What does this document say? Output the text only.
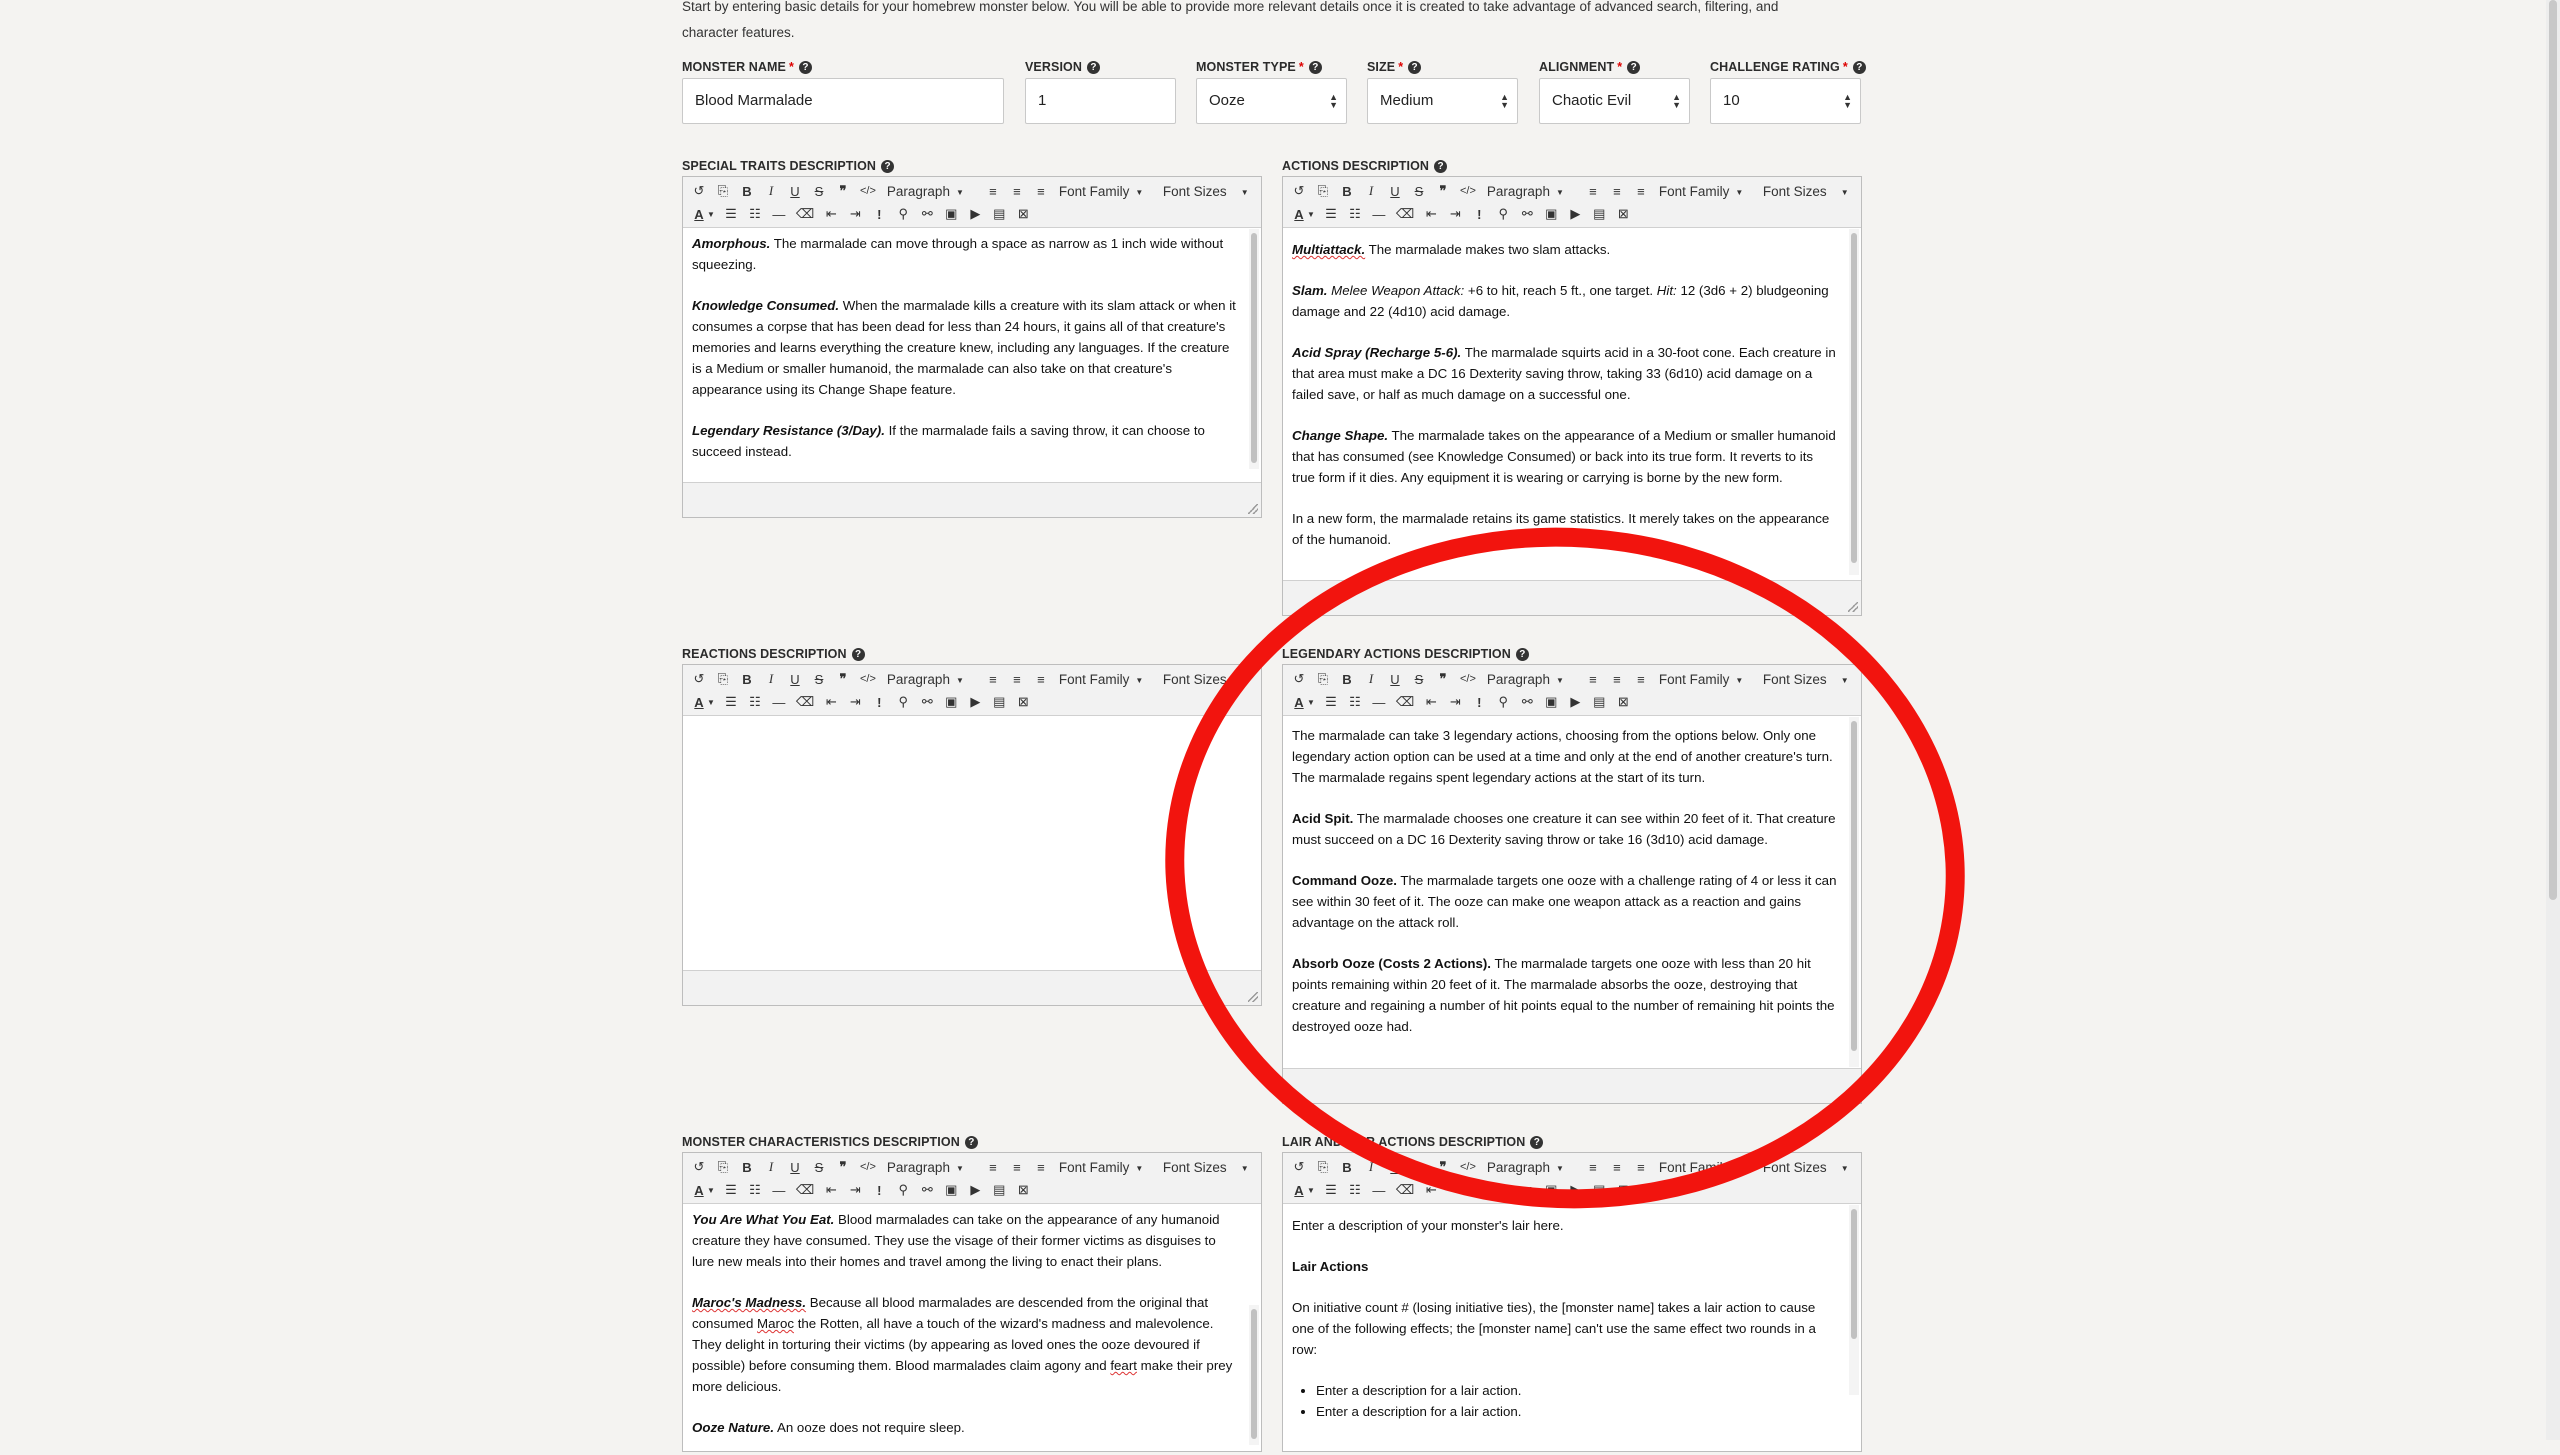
Start by entering basic details for your homebrew monster below. You will be able to provide more relevant details once it is created to take advantage of advanced search, filtering, and
character features.
MONSTER NAME * ?
Blood Marmalade
VERSION ?
1
MONSTER TYPE * ?
Ooze	▲
▼
SIZE * ?
Medium	▲
▼
ALIGNMENT * ?
Chaotic Evil	▲
▼
CHALLENGE RATING * ?
10	▲
▼
SPECIAL TRAITS DESCRIPTION ?
↺ ⎘ B	I	U S ❞	</> Paragraph ▼	≡ ≡ ≡ Font Family ▼	Font Sizes ▼
A ▼ ☰ ☷ — ⌫ ⇤ ⇥	!	⚲ ⚯ ▣ ▶ ▤ ⊠

Amorphous. The marmalade can move through a space as narrow as 1 inch wide without squeezing.

Knowledge Consumed. When the marmalade kills a creature with its slam attack or when it consumes a corpse that has been dead for less than 24 hours, it gains all of that creature's memories and learns everything the creature knew, including any languages. If the creature is a Medium or smaller humanoid, the marmalade can also take on that creature's appearance using its Change Shape feature.

Legendary Resistance (3/Day). If the marmalade fails a saving throw, it can choose to succeed instead.

ACTIONS DESCRIPTION ?
↺ ⎘ B	I	U S ❞	</> Paragraph ▼	≡ ≡ ≡ Font Family ▼	Font Sizes ▼
A ▼ ☰ ☷ — ⌫ ⇤ ⇥	!	⚲ ⚯ ▣ ▶ ▤ ⊠

Multiattack. The marmalade makes two slam attacks.

Slam. Melee Weapon Attack: +6 to hit, reach 5 ft., one target. Hit: 12 (3d6 + 2) bludgeoning damage and 22 (4d10) acid damage.

Acid Spray (Recharge 5-6). The marmalade squirts acid in a 30-foot cone. Each creature in that area must make a DC 16 Dexterity saving throw, taking 33 (6d10) acid damage on a failed save, or half as much damage on a successful one.

Change Shape. The marmalade takes on the appearance of a Medium or smaller humanoid that has consumed (see Knowledge Consumed) or back into its true form. It reverts to its true form if it dies. Any equipment it is wearing or carrying is borne by the new form.

In a new form, the marmalade retains its game statistics. It merely takes on the appearance of the humanoid.

REACTIONS DESCRIPTION ?
↺ ⎘ B	I	U S ❞	</> Paragraph ▼	≡ ≡ ≡ Font Family ▼	Font Sizes ▼
A ▼ ☰ ☷ — ⌫ ⇤ ⇥	!	⚲ ⚯ ▣ ▶ ▤ ⊠
LEGENDARY ACTIONS DESCRIPTION ?
↺ ⎘ B	I	U S ❞	</> Paragraph ▼	≡ ≡ ≡ Font Family ▼	Font Sizes ▼
A ▼ ☰ ☷ — ⌫ ⇤ ⇥	!	⚲ ⚯ ▣ ▶ ▤ ⊠

The marmalade can take 3 legendary actions, choosing from the options below. Only one legendary action option can be used at a time and only at the end of another creature's turn. The marmalade regains spent legendary actions at the start of its turn.

Acid Spit. The marmalade chooses one creature it can see within 20 feet of it. That creature must succeed on a DC 16 Dexterity saving throw or take 16 (3d10) acid damage.

Command Ooze. The marmalade targets one ooze with a challenge rating of 4 or less it can see within 30 feet of it. The ooze can make one weapon attack as a reaction and gains advantage on the attack roll.

Absorb Ooze (Costs 2 Actions). The marmalade targets one ooze with less than 20 hit points remaining within 20 feet of it. The marmalade absorbs the ooze, destroying that creature and regaining a number of hit points equal to the number of remaining hit points the destroyed ooze had.

MONSTER CHARACTERISTICS DESCRIPTION ?
↺ ⎘ B	I	U S ❞	</> Paragraph ▼	≡ ≡ ≡ Font Family ▼	Font Sizes ▼
A ▼ ☰ ☷ — ⌫ ⇤ ⇥	!	⚲ ⚯ ▣ ▶ ▤ ⊠

You Are What You Eat. Blood marmalades can take on the appearance of any humanoid creature they have consumed. They use the visage of their former victims as disguises to lure new meals into their homes and travel among the living to enact their plans.

Maroc's Madness. Because all blood marmalades are descended from the original that consumed Maroc the Rotten, all have a touch of the wizard's madness and malevolence. They delight in torturing their victims (by appearing as loved ones the ooze devoured if possible) before consuming them. Blood marmalades claim agony and feart make their prey more delicious.

Ooze Nature. An ooze does not require sleep.

LAIR AND LAIR ACTIONS DESCRIPTION ?
↺ ⎘ B	I	U S ❞	</> Paragraph ▼	≡ ≡ ≡ Font Family ▼	Font Sizes ▼
A ▼ ☰ ☷ — ⌫ ⇤ ⇥	!	⚲ ⚯ ▣ ▶ ▤ ⊠

Enter a description of your monster's lair here.

Lair Actions

On initiative count # (losing initiative ties), the [monster name] takes a lair action to cause one of the following effects; the [monster name] can't use the same effect two rounds in a row:

• Enter a description for a lair action.
• Enter a description for a lair action.
